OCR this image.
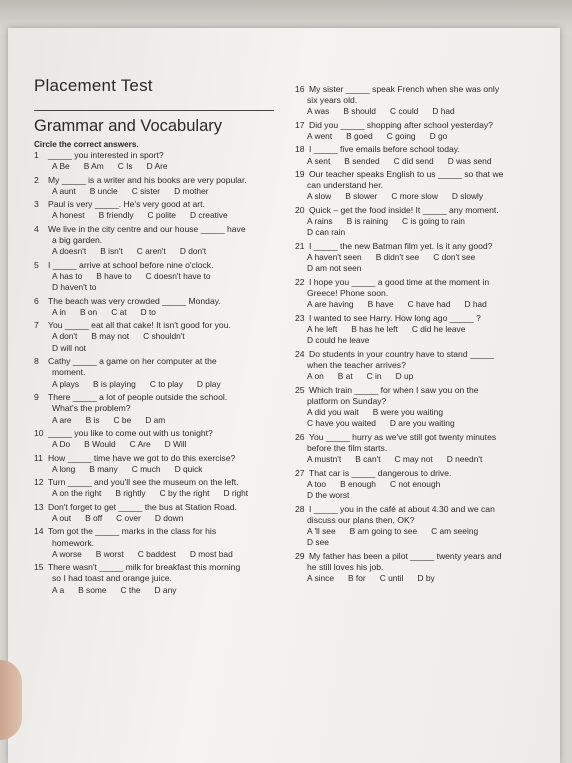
Placement Test
Grammar and Vocabulary
Circle the correct answers.
1 _____ you interested in sport?
A Be B Am C Is D Are
2 My _____ is a writer and his books are very popular.
A aunt B uncle C sister D mother
3 Paul is very _____. He's very good at art.
A honest B friendly C polite D creative
4 We live in the city centre and our house _____ have
a big garden.
A doesn't B isn't C aren't D don't
5 I _____ arrive at school before nine o'clock.
A has to B have to C doesn't have to
D haven't to
6 The beach was very crowded _____ Monday.
A in B on C at D to
7 You _____ eat all that cake! It isn't good for you.
A don't B may not C shouldn't
D will not
8 Cathy _____ a game on her computer at the
moment.
A plays B is playing C to play D play
9 There _____ a lot of people outside the school.
What's the problem?
A are B is C be D am
10 _____ you like to come out with us tonight?
A Do B Would C Are D Will
11 How _____ time have we got to do this exercise?
A long B many C much D quick
12 Turn _____ and you'll see the museum on the left.
A on the right B rightly C by the right D right
13 Don't forget to get _____ the bus at Station Road.
A out B off C over D down
14 Tom got the _____ marks in the class for his
homework.
A worse B worst C baddest D most bad
15 There wasn't _____ milk for breakfast this morning
so I had toast and orange juice.
A a B some C the D any
16 My sister _____ speak French when she was only
six years old.
A was B should C could D had
17 Did you _____ shopping after school yesterday?
A went B goed C going D go
18 I _____ five emails before school today.
A sent B sended C did send D was send
19 Our teacher speaks English to us _____ so that we
can understand her.
A slow B slower C more slow D slowly
20 Quick – get the food inside! It _____ any moment.
A rains B is raining C is going to rain
D can rain
21 I _____ the new Batman film yet. Is it any good?
A haven't seen B didn't see C don't see
D am not seen
22 I hope you _____ a good time at the moment in
Greece! Phone soon.
A are having B have C have had D had
23 I wanted to see Harry. How long ago _____ ?
A he left B has he left C did he leave
D could he leave
24 Do students in your country have to stand _____
when the teacher arrives?
A on B at C in D up
25 Which train _____ for when I saw you on the
platform on Sunday?
A did you wait B were you waiting
C have you waited D are you waiting
26 You _____ hurry as we've still got twenty minutes
before the film starts.
A mustn't B can't C may not D needn't
27 That car is _____ dangerous to drive.
A too B enough C not enough
D the worst
28 I _____ you in the café at about 4.30 and we can
discuss our plans then, OK?
A 'll see B am going to see C am seeing
D see
29 My father has been a pilot _____ twenty years and
he still loves his job.
A since B for C until D by
